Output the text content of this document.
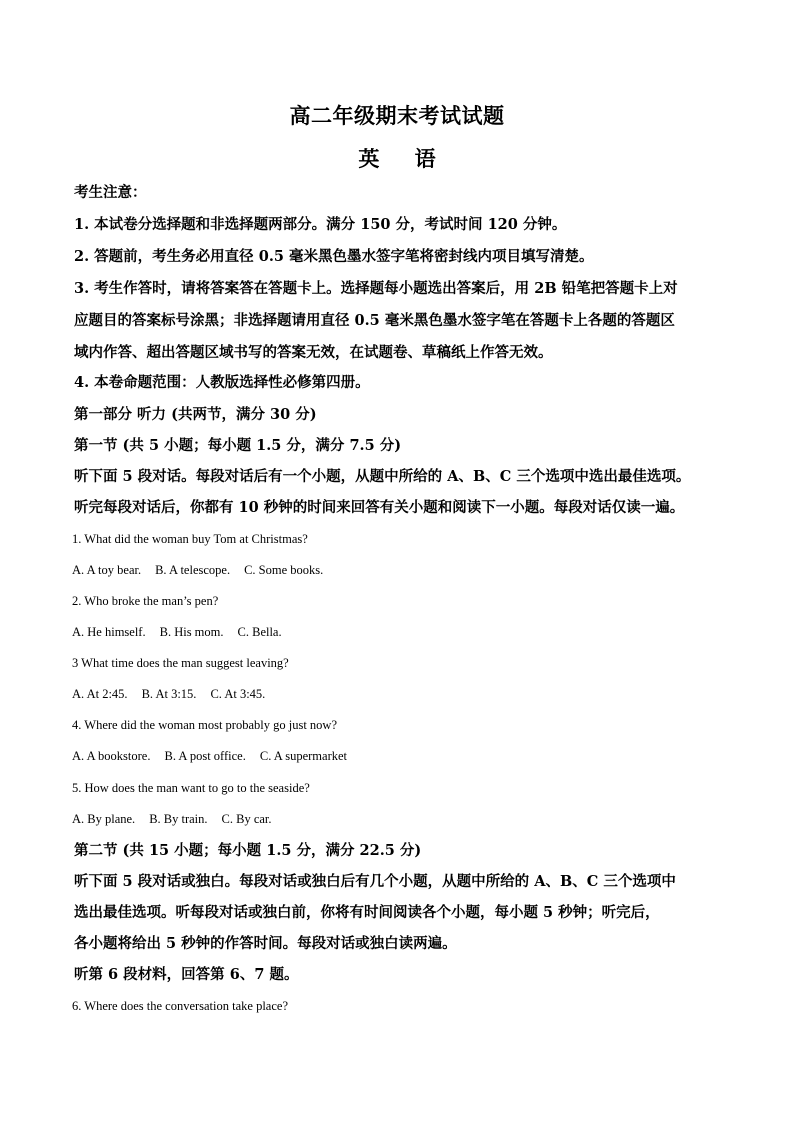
高二年级期末考试试题
英 语
考生注意：
1. 本试卷分选择题和非选择题两部分。满分 150 分，考试时间 120 分钟。
2. 答题前，考生务必用直径 0.5 毫米黑色墨水签字笔将密封线内项目填写清楚。
3. 考生作答时，请将答案答在答题卡上。选择题每小题选出答案后，用 2B 铅笔把答题卡上对
应题目的答案标号涂黑；非选择题请用直径 0.5 毫米黑色墨水签字笔在答题卡上各题的答题区
域内作答、超出答题区域书写的答案无效，在试题卷、草稿纸上作答无效。
4. 本卷命题范围：人教版选择性必修第四册。
第一部分 听力 (共两节，满分 30 分)
第一节 (共 5 小题；每小题 1.5 分，满分 7.5 分)
听下面 5 段对话。每段对话后有一个小题，从题中所给的 A、B、C 三个选项中选出最佳选项。
听完每段对话后，你都有 10 秒钟的时间来回答有关小题和阅读下一小题。每段对话仅读一遍。
1. What did the woman buy Tom at Christmas?
A. A toy bear. B. A telescope. C. Some books.
2. Who broke the man’s pen?
A. He himself. B. His mom. C. Bella.
3 What time does the man suggest leaving?
A. At 2:45. B. At 3:15. C. At 3:45.
4. Where did the woman most probably go just now?
A. A bookstore. B. A post office. C. A supermarket
5. How does the man want to go to the seaside?
A. By plane. B. By train. C. By car.
第二节 (共 15 小题；每小题 1.5 分，满分 22.5 分)
听下面 5 段对话或独白。每段对话或独白后有几个小题，从题中所给的 A、B、C 三个选项中
选出最佳选项。听每段对话或独白前，你将有时间阅读各个小题，每小题 5 秒钟；听完后，
各小题将给出 5 秒钟的作答时间。每段对话或独白读两遍。
听第 6 段材料，回答第 6、7 题。
6. Where does the conversation take place?
